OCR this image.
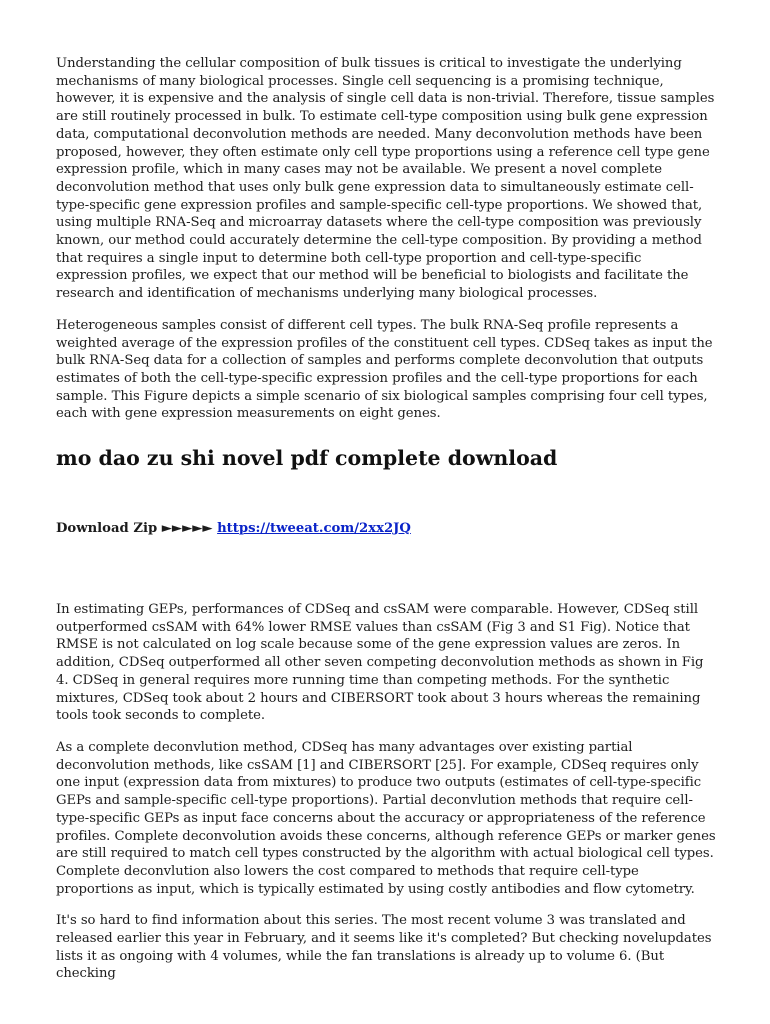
Understanding the cellular composition of bulk tissues is critical to investigate the underlying mechanisms of many biological processes. Single cell sequencing is a promising technique, however, it is expensive and the analysis of single cell data is non-trivial. Therefore, tissue samples are still routinely processed in bulk. To estimate cell-type composition using bulk gene expression data, computational deconvolution methods are needed. Many deconvolution methods have been proposed, however, they often estimate only cell type proportions using a reference cell type gene expression profile, which in many cases may not be available. We present a novel complete deconvolution method that uses only bulk gene expression data to simultaneously estimate cell-type-specific gene expression profiles and sample-specific cell-type proportions. We showed that, using multiple RNA-Seq and microarray datasets where the cell-type composition was previously known, our method could accurately determine the cell-type composition. By providing a method that requires a single input to determine both cell-type proportion and cell-type-specific expression profiles, we expect that our method will be beneficial to biologists and facilitate the research and identification of mechanisms underlying many biological processes.

Heterogeneous samples consist of different cell types. The bulk RNA-Seq profile represents a weighted average of the expression profiles of the constituent cell types. CDSeq takes as input the bulk RNA-Seq data for a collection of samples and performs complete deconvolution that outputs estimates of both the cell-type-specific expression profiles and the cell-type proportions for each sample. This Figure depicts a simple scenario of six biological samples comprising four cell types, each with gene expression measurements on eight genes.

mo dao zu shi novel pdf complete download

Download Zip ►►►►► https://tweeat.com/2xx2JQ

In estimating GEPs, performances of CDSeq and csSAM were comparable. However, CDSeq still outperformed csSAM with 64% lower RMSE values than csSAM (Fig 3 and S1 Fig). Notice that RMSE is not calculated on log scale because some of the gene expression values are zeros. In addition, CDSeq outperformed all other seven competing deconvolution methods as shown in Fig 4. CDSeq in general requires more running time than competing methods. For the synthetic mixtures, CDSeq took about 2 hours and CIBERSORT took about 3 hours whereas the remaining tools took seconds to complete.

As a complete deconvlution method, CDSeq has many advantages over existing partial deconvolution methods, like csSAM [1] and CIBERSORT [25]. For example, CDSeq requires only one input (expression data from mixtures) to produce two outputs (estimates of cell-type-specific GEPs and sample-specific cell-type proportions). Partial deconvlution methods that require cell-type-specific GEPs as input face concerns about the accuracy or appropriateness of the reference profiles. Complete deconvolution avoids these concerns, although reference GEPs or marker genes are still required to match cell types constructed by the algorithm with actual biological cell types. Complete deconvlution also lowers the cost compared to methods that require cell-type proportions as input, which is typically estimated by using costly antibodies and flow cytometry.

It's so hard to find information about this series. The most recent volume 3 was translated and released earlier this year in February, and it seems like it's completed? But checking novelupdates lists it as ongoing with 4 volumes, while the fan translations is already up to volume 6. (But checking
